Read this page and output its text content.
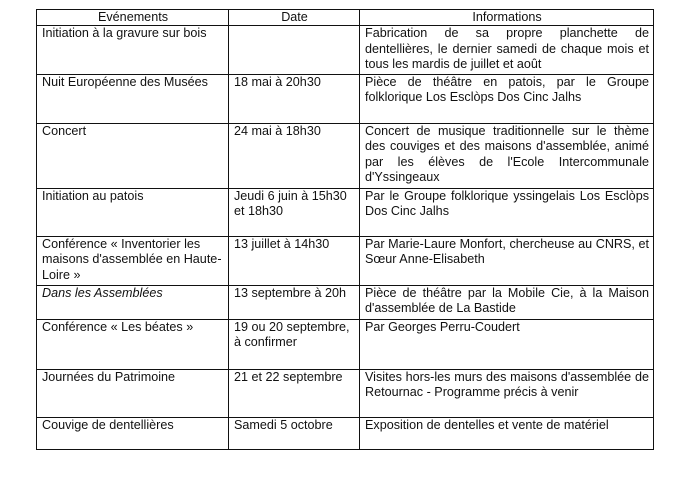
Evénements	Date	Informations
Initiation à la gravure sur bois		Fabrication de sa propre planchette de dentellières, le dernier samedi de chaque mois et tous les mardis de juillet et août
Nuit Européenne des Musées	18 mai à 20h30	Pièce de théâtre en patois, par le Groupe folklorique Los Esclòps Dos Cinc Jalhs
Concert	24 mai à 18h30	Concert de musique traditionnelle sur le thème des couviges et des maisons d'assemblée, animé par les élèves de l'Ecole Intercommunale d'Yssingeaux
Initiation au patois	Jeudi 6 juin à 15h30 et 18h30	Par le Groupe folklorique yssingelais Los Esclòps Dos Cinc Jalhs
Conférence « Inventorier les maisons d'assemblée en Haute-Loire »	13 juillet à 14h30	Par Marie-Laure Monfort, chercheuse au CNRS, et Sœur Anne-Elisabeth
Dans les Assemblées	13 septembre à 20h	Pièce de théâtre par la Mobile Cie, à la Maison d'assemblée de La Bastide
Conférence « Les béates »	19 ou 20 septembre, à confirmer	Par Georges Perru-Coudert
Journées du Patrimoine	21 et 22 septembre	Visites hors-les murs des maisons d'assemblée de Retournac - Programme précis à venir
Couvige de dentellières	Samedi 5 octobre	Exposition de dentelles et vente de matériel
